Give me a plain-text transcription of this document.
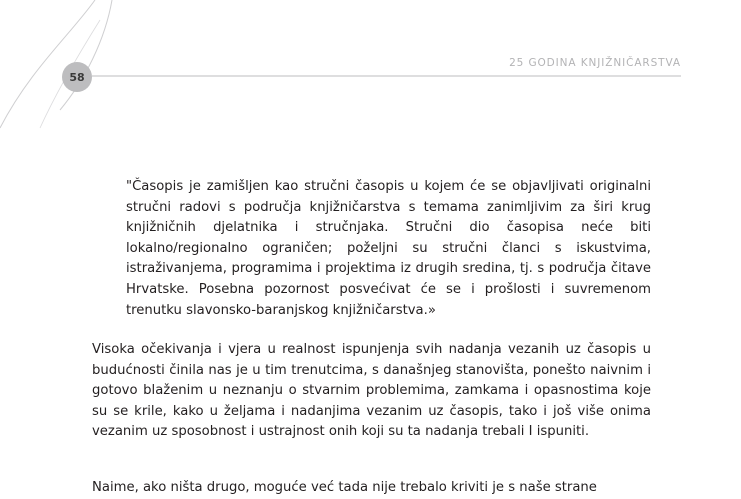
58
25 GODINA KNJIŽNIČARSTVA

"Časopis je zamišljen kao stručni časopis u kojem će se objavljivati originalni stručni radovi s područja knjižničarstva s temama zanimljivim za širi krug knjižničnih djelatnika i stručnjaka. Stručni dio časopisa neće biti lokalno/regionalno ograničen; poželjni su stručni članci s iskustvima, istraživanjema, programima i projektima iz drugih sredina, tj. s područja čitave Hrvatske. Posebna pozornost posvećivat će se i prošlosti i suvremenom trenutku slavonsko-baranjskog knjižničarstva.»

Visoka očekivanja i vjera u realnost ispunjenja svih nadanja vezanih uz časopis u budućnosti činila nas je u tim trenutcima, s današnjeg stanovišta, ponešto naivnim i gotovo blaženim u neznanju o stvarnim problemima, zamkama i opasnostima koje su se krile, kako u željama i nadanjima vezanim uz časopis, tako i još više onima vezanim uz sposobnost i ustrajnost onih koji su ta nadanja trebali I ispuniti.

Naime, ako ništa drugo, moguće već tada nije trebalo kriviti je s naše strane
